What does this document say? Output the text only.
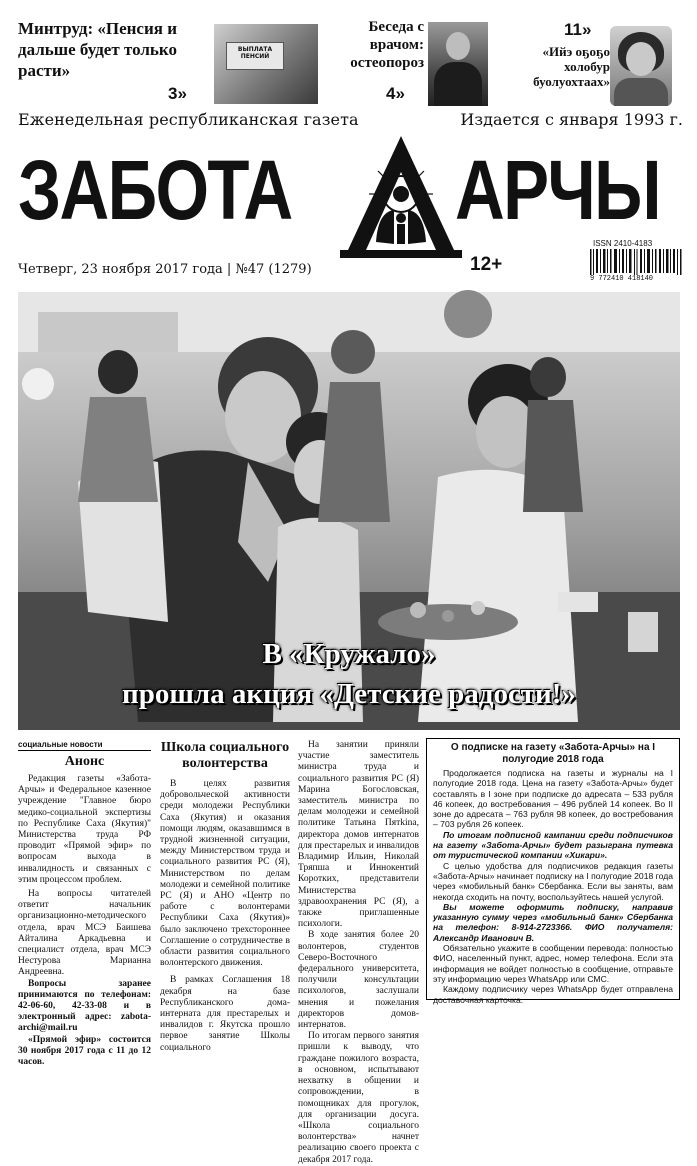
Минтруд: «Пенсия и дальше будет только расти»
ВЫПЛАТА ПЕНСИЙ
3»
Беседа с врачом: остеопороз
4»
11»
«Ийэ оҕоҕо холобур буолуохтаах»
Еженедельная республиканская газета	Издается с января 1993 г.
ЗАБОТА АРЧЫ
Четверг, 23 ноября 2017 года | №47 (1279)	12+
ISSN 2410-4183
9 772410 418140
В «Кружало»
прошла акция «Детские радости!»
социальные новости
Анонс

Редакция газеты «Забота-Арчы» и Федеральное казенное учреждение "Главное бюро медико-социальной экспертизы по Республике Саха (Якутия)" Министерства труда РФ проводит «Прямой эфир» по вопросам выхода в инвалидность и связанных с этим процессом проблем.

На вопросы читателей ответит начальник организационно-методического отдела, врач МСЭ Баишева Айталина Аркадьевна и специалист отдела, врач МСЭ Нестурова Марианна Андреевна.

Вопросы заранее принимаются по телефонам: 42-06-60, 42-33-08 и в электронный адрес: zabota-archi@mail.ru

«Прямой эфир» состоится 30 ноября 2017 года с 11 до 12 часов.

Школа социального волонтерства

В целях развития добровольческой активности среди молодежи Республики Саха (Якутия) и оказания помощи людям, оказавшимся в трудной жизненной ситуации, между Министерством труда и социального развития РС (Я), Министерством по делам молодежи и семейной политике РС (Я) и АНО «Центр по работе с волонтерами Республики Саха (Якутия)» было заключено трехстороннее Соглашение о сотрудничестве в области развития социального волонтерского движения.

В рамках Соглашения 18 декабря на базе Республиканского дома-интерната для престарелых и инвалидов г. Якутска прошло первое занятие Школы социального

На занятии приняли участие заместитель министра труда и социального развития РС (Я) Марина Богословская, заместитель министра по делам молодежи и семейной политике Татьяна Пятkina, директора домов интернатов для престарелых и инвалидов Владимир Ильин, Николай Тряпша и Иннокентий Коротких, представители Министерства здравоохранения РС (Я), а также приглашенные психологи.

В ходе занятия более 20 волонтеров, студентов Северо-Восточного федерального университета, получили консультации психологов, заслушали мнения и пожелания директоров домов-интернатов.

По итогам первого занятия пришли к выводу, что граждане пожилого возраста, в основном, испытывают нехватку в общении и сопровождении, в помощниках для прогулок, для организации досуга. «Школа социального волонтерства» начнет реализацию своего проекта с декабря 2017 года.

О подписке на газету «Забота-Арчы» на I полугодие 2018 года

Продолжается подписка на газеты и журналы на I полугодие 2018 года. Цена на газету «Забота-Арчы» будет составлять в I зоне при подписке до адресата – 533 рубля 46 копеек, до востребования – 496 рублей 14 копеек. Во II зоне до адресата – 763 рубля 98 копеек, до востребования – 703 рубля 26 копеек.

По итогам подписной кампании среди подписчиков на газету «Забота-Арчы» будет разыграна путевка от туристической компании «Хикари».

С целью удобства для подписчиков редакция газеты «Забота-Арчы» начинает подписку на I полугодие 2018 года через «мобильный банк» Сбербанка. Если вы заняты, вам некогда сходить на почту, воспользуйтесь нашей услугой.

Вы можете оформить подписку, направив указанную сумму через «мобильный банк» Сбербанка на телефон: 8-914-2723366. ФИО получателя: Александр Иванович В.

Обязательно укажите в сообщении перевода: полностью ФИО, населенный пункт, адрес, номер телефона. Если эта информация не войдет полностью в сообщение, отправьте эту информацию через WhatsApp или СМС.

Каждому подписчику через WhatsApp будет отправлена доставочная карточка.
